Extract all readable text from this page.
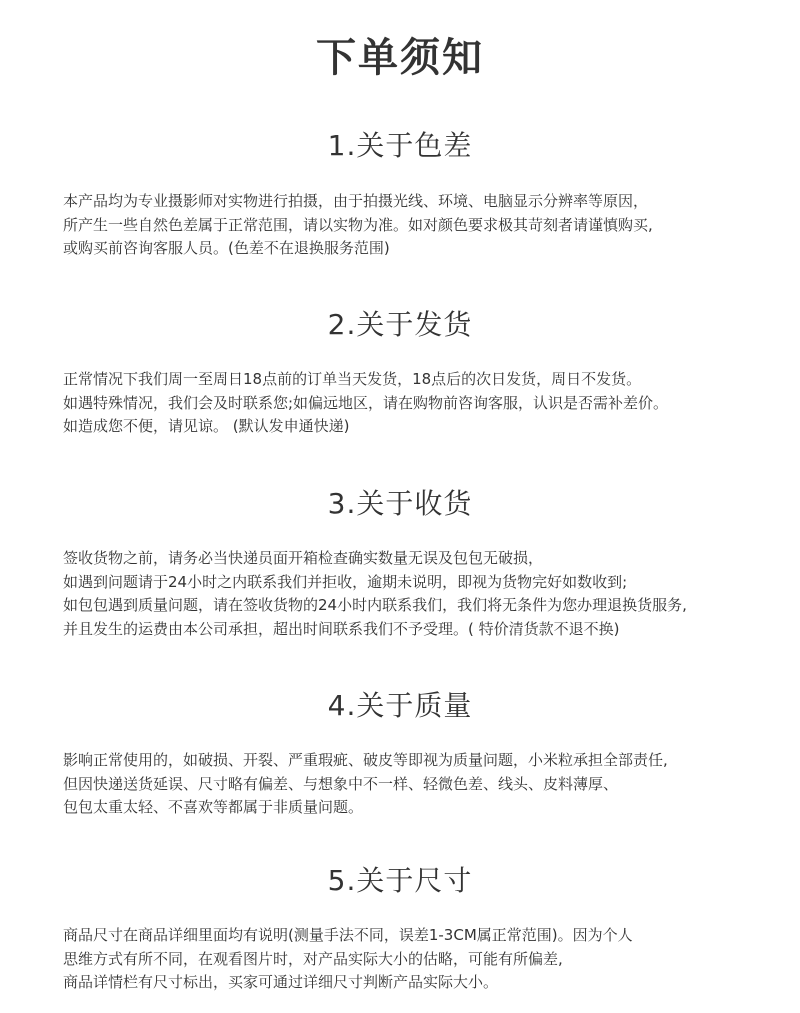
下单须知
1.关于色差
本产品均为专业摄影师对实物进行拍摄，由于拍摄光线、环境、电脑显示分辨率等原因，
所产生一些自然色差属于正常范围，请以实物为准。如对颜色要求极其苛刻者请谨慎购买,
或购买前咨询客服人员。(色差不在退换服务范围)
2.关于发货
正常情况下我们周一至周日18点前的订单当天发货，18点后的次日发货，周日不发货。
如遇特殊情况，我们会及时联系您;如偏远地区，请在购物前咨询客服，认识是否需补差价。
如造成您不便，请见谅。 (默认发申通快递)
3.关于收货
签收货物之前，请务必当快递员面开箱检查确实数量无误及包包无破损，
如遇到问题请于24小时之内联系我们并拒收，逾期未说明，即视为货物完好如数收到;
如包包遇到质量问题，请在签收货物的24小时内联系我们，我们将无条件为您办理退换货服务,
并且发生的运费由本公司承担，超出时间联系我们不予受理。( 特价清货款不退不换)
4.关于质量
影响正常使用的，如破损、开裂、严重瑕疵、破皮等即视为质量问题，小米粒承担全部责任,
但因快递送货延误、尺寸略有偏差、与想象中不一样、轻微色差、线头、皮料薄厚、
包包太重太轻、不喜欢等都属于非质量问题。
5.关于尺寸
商品尺寸在商品详细里面均有说明(测量手法不同，误差1-3CM属正常范围)。因为个人
思维方式有所不同，在观看图片时，对产品实际大小的估略，可能有所偏差,
商品详情栏有尺寸标出，买家可通过详细尺寸判断产品实际大小。
